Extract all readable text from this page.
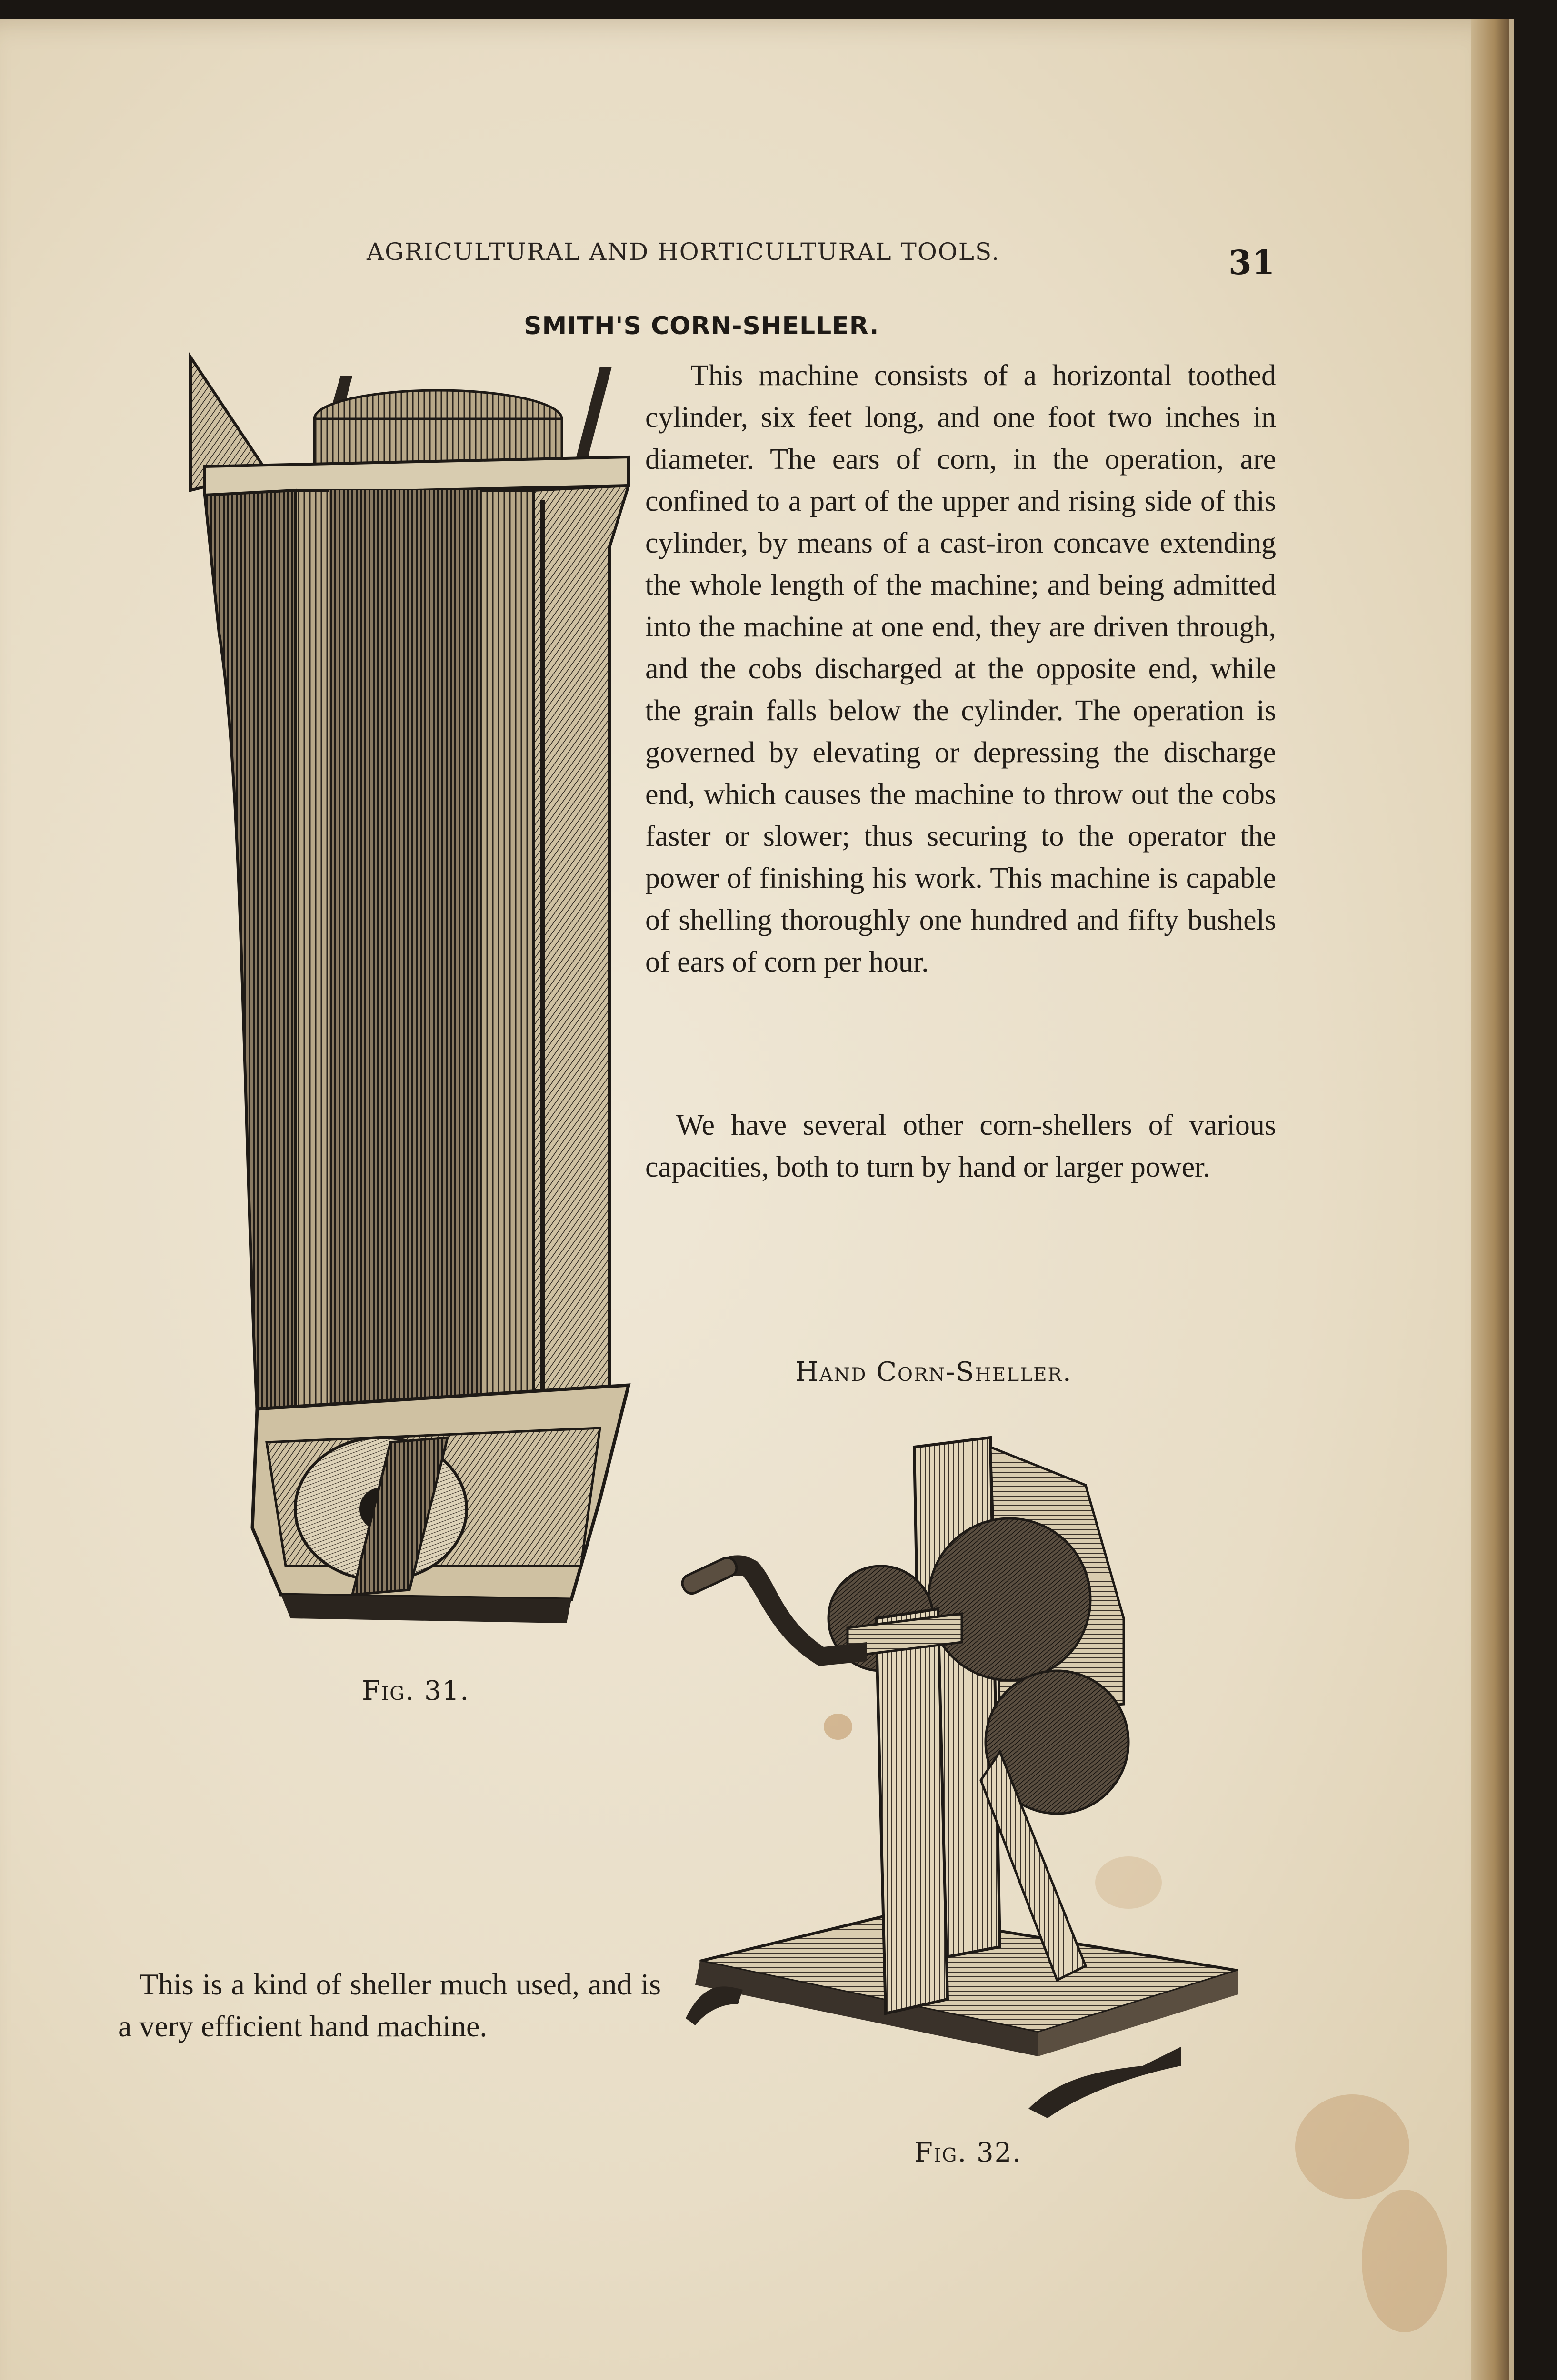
AGRICULTURAL AND HORTICULTURAL TOOLS.	31
SMITH'S CORN-SHELLER.

This machine consists of a horizontal toothed cylinder, six feet long, and one foot two inches in diameter. The ears of corn, in the operation, are confined to a part of the upper and rising side of this cylinder, by means of a cast-iron concave extending the whole length of the machine; and being admitted into the machine at one end, they are driven through, and the cobs discharged at the opposite end, while the grain falls below the cylinder. The operation is governed by elevating or depressing the discharge end, which causes the machine to throw out the cobs faster or slower; thus securing to the operator the power of finishing his work. This machine is capable of shelling thoroughly one hundred and fifty bushels of ears of corn per hour.

We have several other corn-shellers of various capacities, both to turn by hand or larger power.

Fig. 31.
Hand Corn-Sheller.
Fig. 32.

This is a kind of sheller much used, and is a very efficient hand machine.
